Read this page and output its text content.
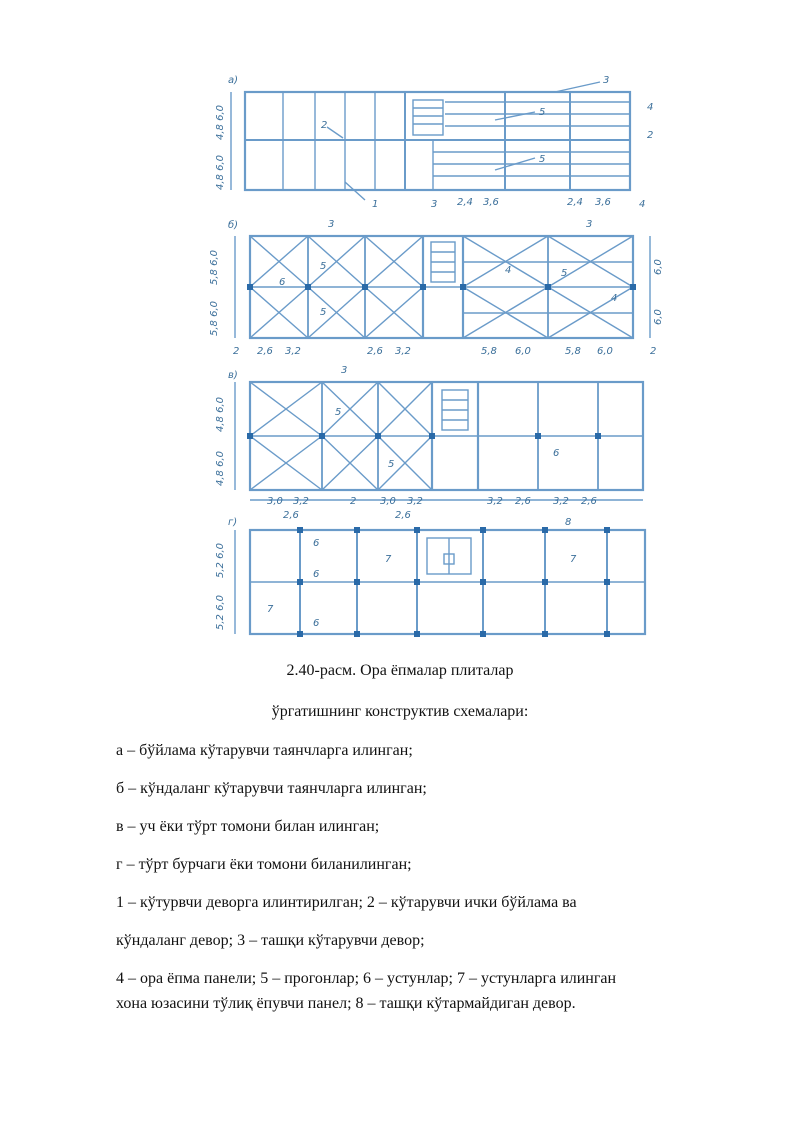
а)
4,8 6,0
4,8 6,0
3
4
2
2
5
5
1	3	4
2,4 3,6	2,4 3,6
б)
5,8 6,0
5,8 6,0
6,0
6,0
3	3
6
5
5
4	5
4
2	2
2,6 3,2	2,6 3,2	5,8 6,0	5,8 6,0
в)
4,8 6,0
4,8 6,0
3
5
5
6
2
3,0 3,2	3,0 3,2	3,2 2,6 3,2 2,6
2,6	2,6
г)
5,2 6,0
5,2 6,0
8
6
7
6
7
7
6
2.40-расм. Ора ёпмалар плиталар
ўргатишнинг конструктив схемалари:
а – бўйлама кўтарувчи таянчларга илинган;
б – кўндаланг кўтарувчи таянчларга илинган;
в – уч ёки тўрт томони билан илинган;
г – тўрт бурчаги ёки томони биланилинган;
1 – кўтурвчи деворга илинтирилган; 2 – кўтарувчи ички бўйлама ва
кўндаланг девор; 3 – ташқи кўтарувчи девор;
4 – ора ёпма панели; 5 – прогонлар; 6 – устунлар; 7 – устунларга илинган
хона юзасини тўлиқ ёпувчи панел; 8 – ташқи кўтармайдиган девор.
